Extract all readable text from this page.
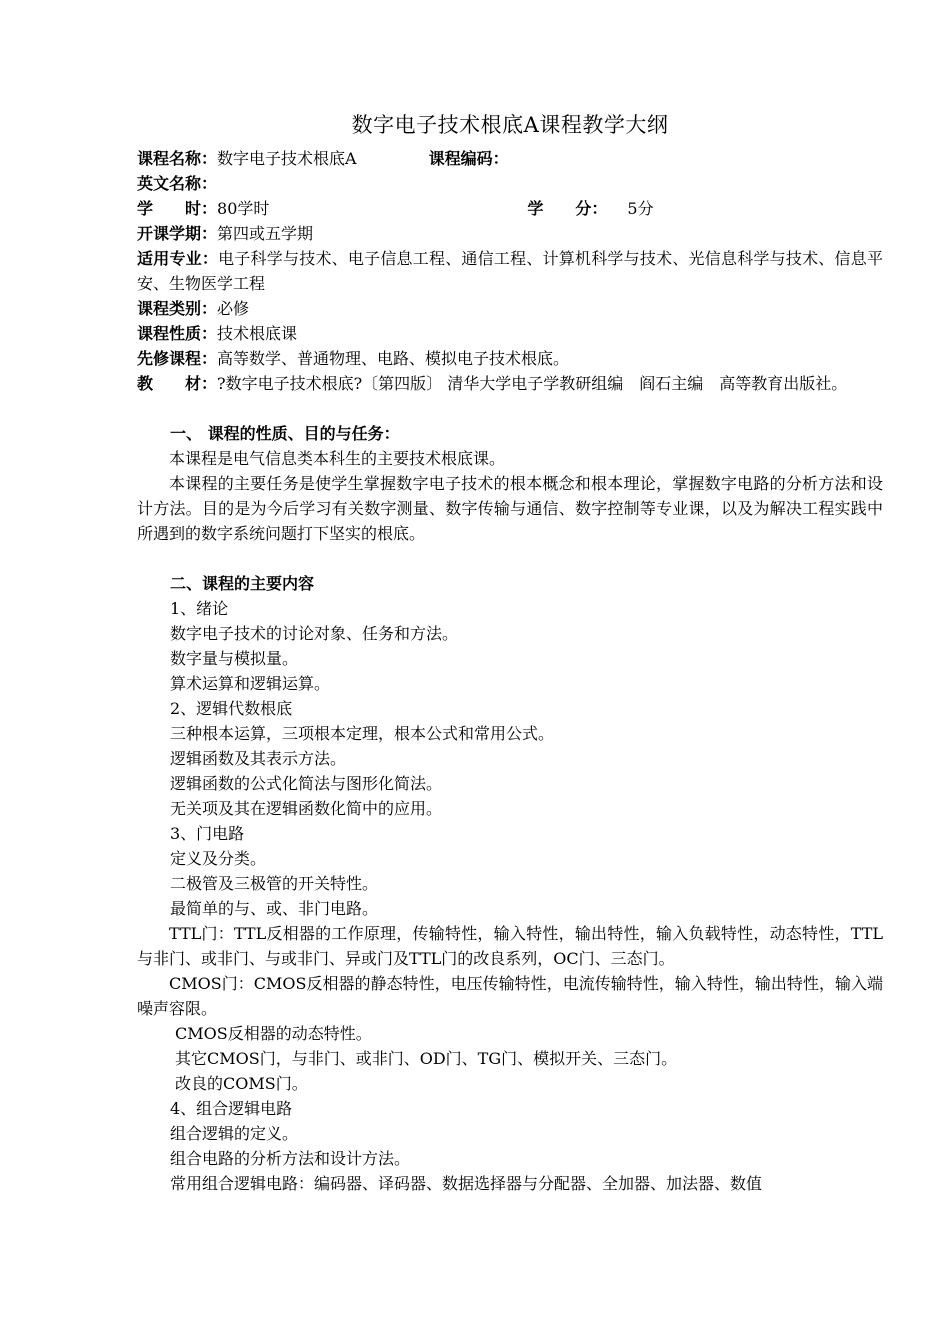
数字电子技术根底A课程教学大纲
课程名称：数字电子技术根底A	课程编码：
英文名称：
学　　时：80学时	学　　分： 5分
开课学期：第四或五学期
适用专业：电子科学与技术、电子信息工程、通信工程、计算机科学与技术、光信息科学与技术、信息平安、生物医学工程
课程类别：必修
课程性质：技术根底课
先修课程：高等数学、普通物理、电路、模拟电子技术根底。
教　　材：?数字电子技术根底?〔第四版〕 清华大学电子学教研组编　阎石主编　高等教育出版社。
一、 课程的性质、目的与任务：
本课程是电气信息类本科生的主要技术根底课。
本课程的主要任务是使学生掌握数字电子技术的根本概念和根本理论，掌握数字电路的分析方法和设计方法。目的是为今后学习有关数字测量、数字传输与通信、数字控制等专业课，以及为解决工程实践中所遇到的数字系统问题打下坚实的根底。
二、课程的主要内容
1、绪论
数字电子技术的讨论对象、任务和方法。
数字量与模拟量。
算术运算和逻辑运算。
2、逻辑代数根底
三种根本运算，三项根本定理，根本公式和常用公式。
逻辑函数及其表示方法。
逻辑函数的公式化简法与图形化简法。
无关项及其在逻辑函数化简中的应用。
3、门电路
定义及分类。
二极管及三极管的开关特性。
最简单的与、或、非门电路。
TTL门：TTL反相器的工作原理，传输特性，输入特性，输出特性，输入负载特性，动态特性，TTL与非门、或非门、与或非门、异或门及TTL门的改良系列，OC门、三态门。
CMOS门：CMOS反相器的静态特性，电压传输特性，电流传输特性，输入特性，输出特性，输入端噪声容限。
CMOS反相器的动态特性。
其它CMOS门，与非门、或非门、OD门、TG门、模拟开关、三态门。
改良的COMS门。
4、组合逻辑电路
组合逻辑的定义。
组合电路的分析方法和设计方法。
常用组合逻辑电路：编码器、译码器、数据选择器与分配器、全加器、加法器、数值
